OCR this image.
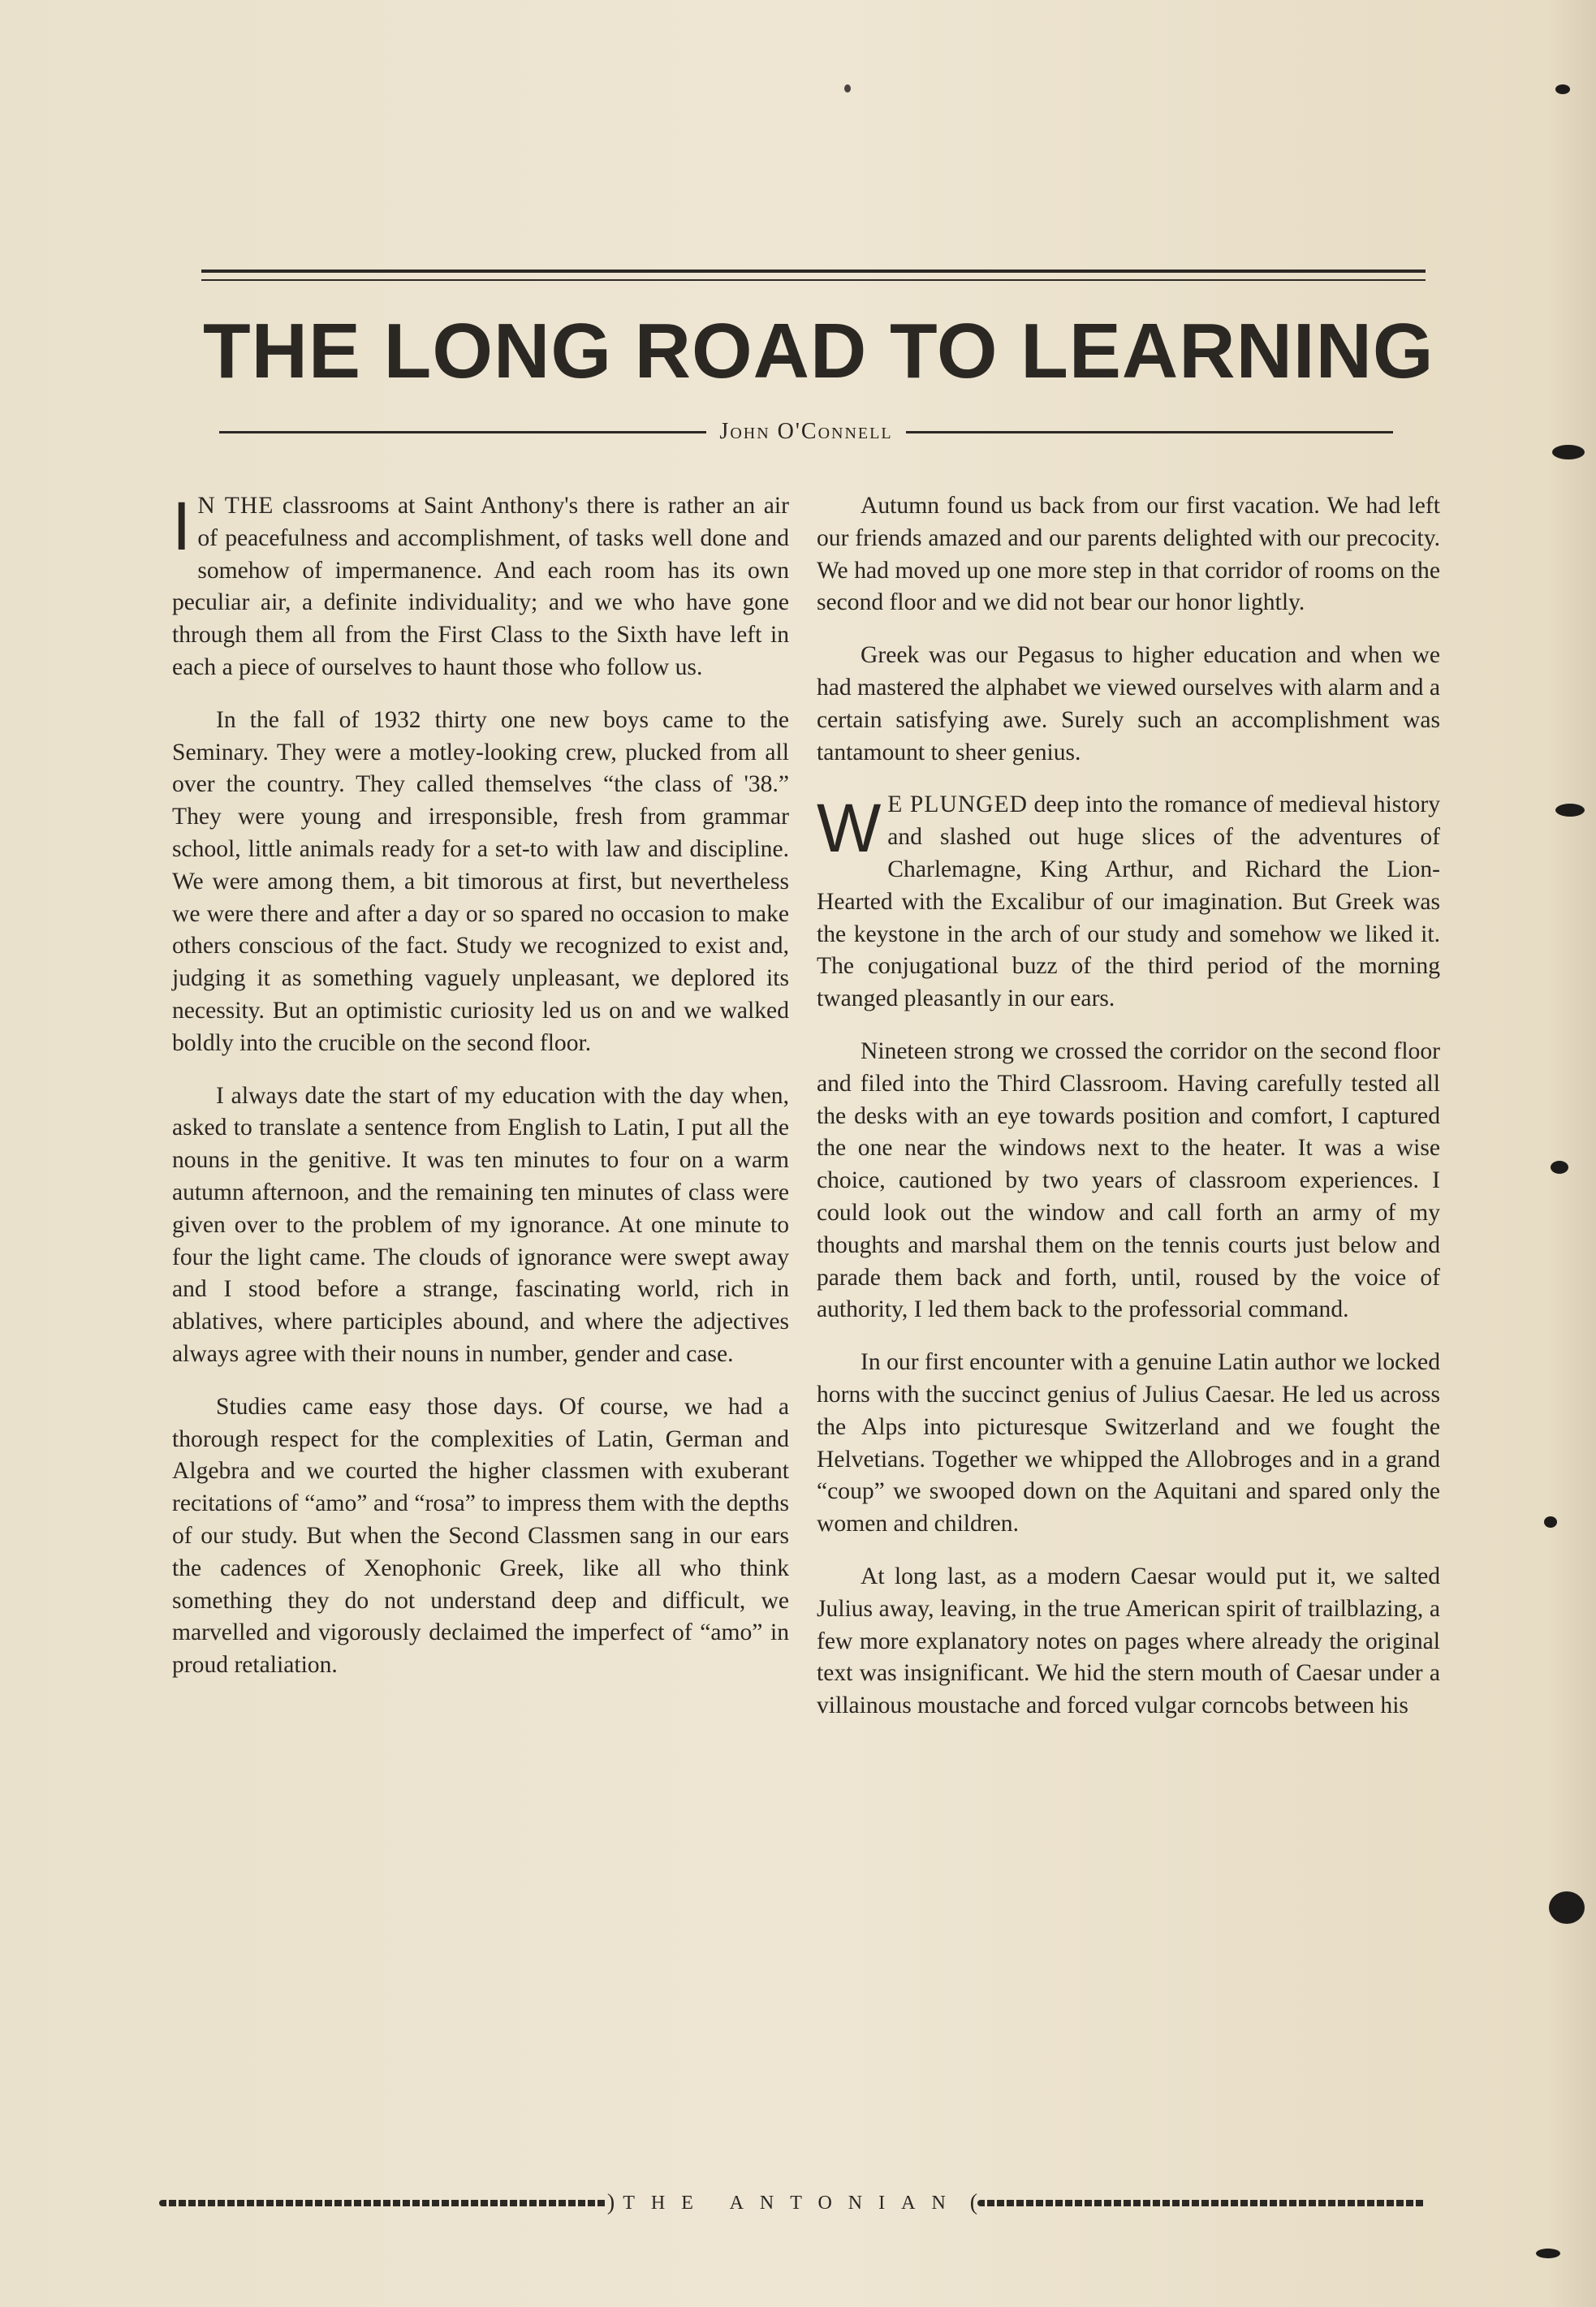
THE LONG ROAD TO LEARNING
John O'Connell

I N THE classrooms at Saint Anthony's there is rather an air of peacefulness and accomplishment, of tasks well done and somehow of impermanence. And each room has its own peculiar air, a definite individuality; and we who have gone through them all from the First Class to the Sixth have left in each a piece of ourselves to haunt those who follow us.

In the fall of 1932 thirty one new boys came to the Seminary. They were a motley-looking crew, plucked from all over the country. They called themselves “the class of '38.” They were young and irresponsible, fresh from grammar school, little animals ready for a set-to with law and discipline. We were among them, a bit timorous at first, but nevertheless we were there and after a day or so spared no occasion to make others conscious of the fact. Study we recognized to exist and, judging it as something vaguely unpleasant, we deplored its necessity. But an optimistic curiosity led us on and we walked boldly into the crucible on the second floor.

I always date the start of my education with the day when, asked to translate a sentence from English to Latin, I put all the nouns in the genitive. It was ten minutes to four on a warm autumn afternoon, and the remaining ten minutes of class were given over to the problem of my ignorance. At one minute to four the light came. The clouds of ignorance were swept away and I stood before a strange, fascinating world, rich in ablatives, where participles abound, and where the adjectives always agree with their nouns in number, gender and case.

Studies came easy those days. Of course, we had a thorough respect for the complexities of Latin, German and Algebra and we courted the higher classmen with exuberant recitations of “amo” and “rosa” to impress them with the depths of our study. But when the Second Classmen sang in our ears the cadences of Xenophonic Greek, like all who think something they do not understand deep and difficult, we marvelled and vigorously declaimed the imperfect of “amo” in proud retaliation.

Autumn found us back from our first vacation. We had left our friends amazed and our parents delighted with our precocity. We had moved up one more step in that corridor of rooms on the second floor and we did not bear our honor lightly.

Greek was our Pegasus to higher education and when we had mastered the alphabet we viewed ourselves with alarm and a certain satisfying awe. Surely such an accomplishment was tantamount to sheer genius.

W E PLUNGED deep into the romance of medieval history and slashed out huge slices of the adventures of Charlemagne, King Arthur, and Richard the Lion-Hearted with the Excalibur of our imagination. But Greek was the keystone in the arch of our study and somehow we liked it. The conjugational buzz of the third period of the morning twanged pleasantly in our ears.

Nineteen strong we crossed the corridor on the second floor and filed into the Third Classroom. Having carefully tested all the desks with an eye towards position and comfort, I captured the one near the windows next to the heater. It was a wise choice, cautioned by two years of classroom experiences. I could look out the window and call forth an army of my thoughts and marshal them on the tennis courts just below and parade them back and forth, until, roused by the voice of authority, I led them back to the professorial command.

In our first encounter with a genuine Latin author we locked horns with the succinct genius of Julius Caesar. He led us across the Alps into picturesque Switzerland and we fought the Helvetians. Together we whipped the Allobroges and in a grand “coup” we swooped down on the Aquitani and spared only the women and children.

At long last, as a modern Caesar would put it, we salted Julius away, leaving, in the true American spirit of trailblazing, a few more explanatory notes on pages where already the original text was insignificant. We hid the stern mouth of Caesar under a villainous moustache and forced vulgar corncobs between his

) THE ANTONIAN (
